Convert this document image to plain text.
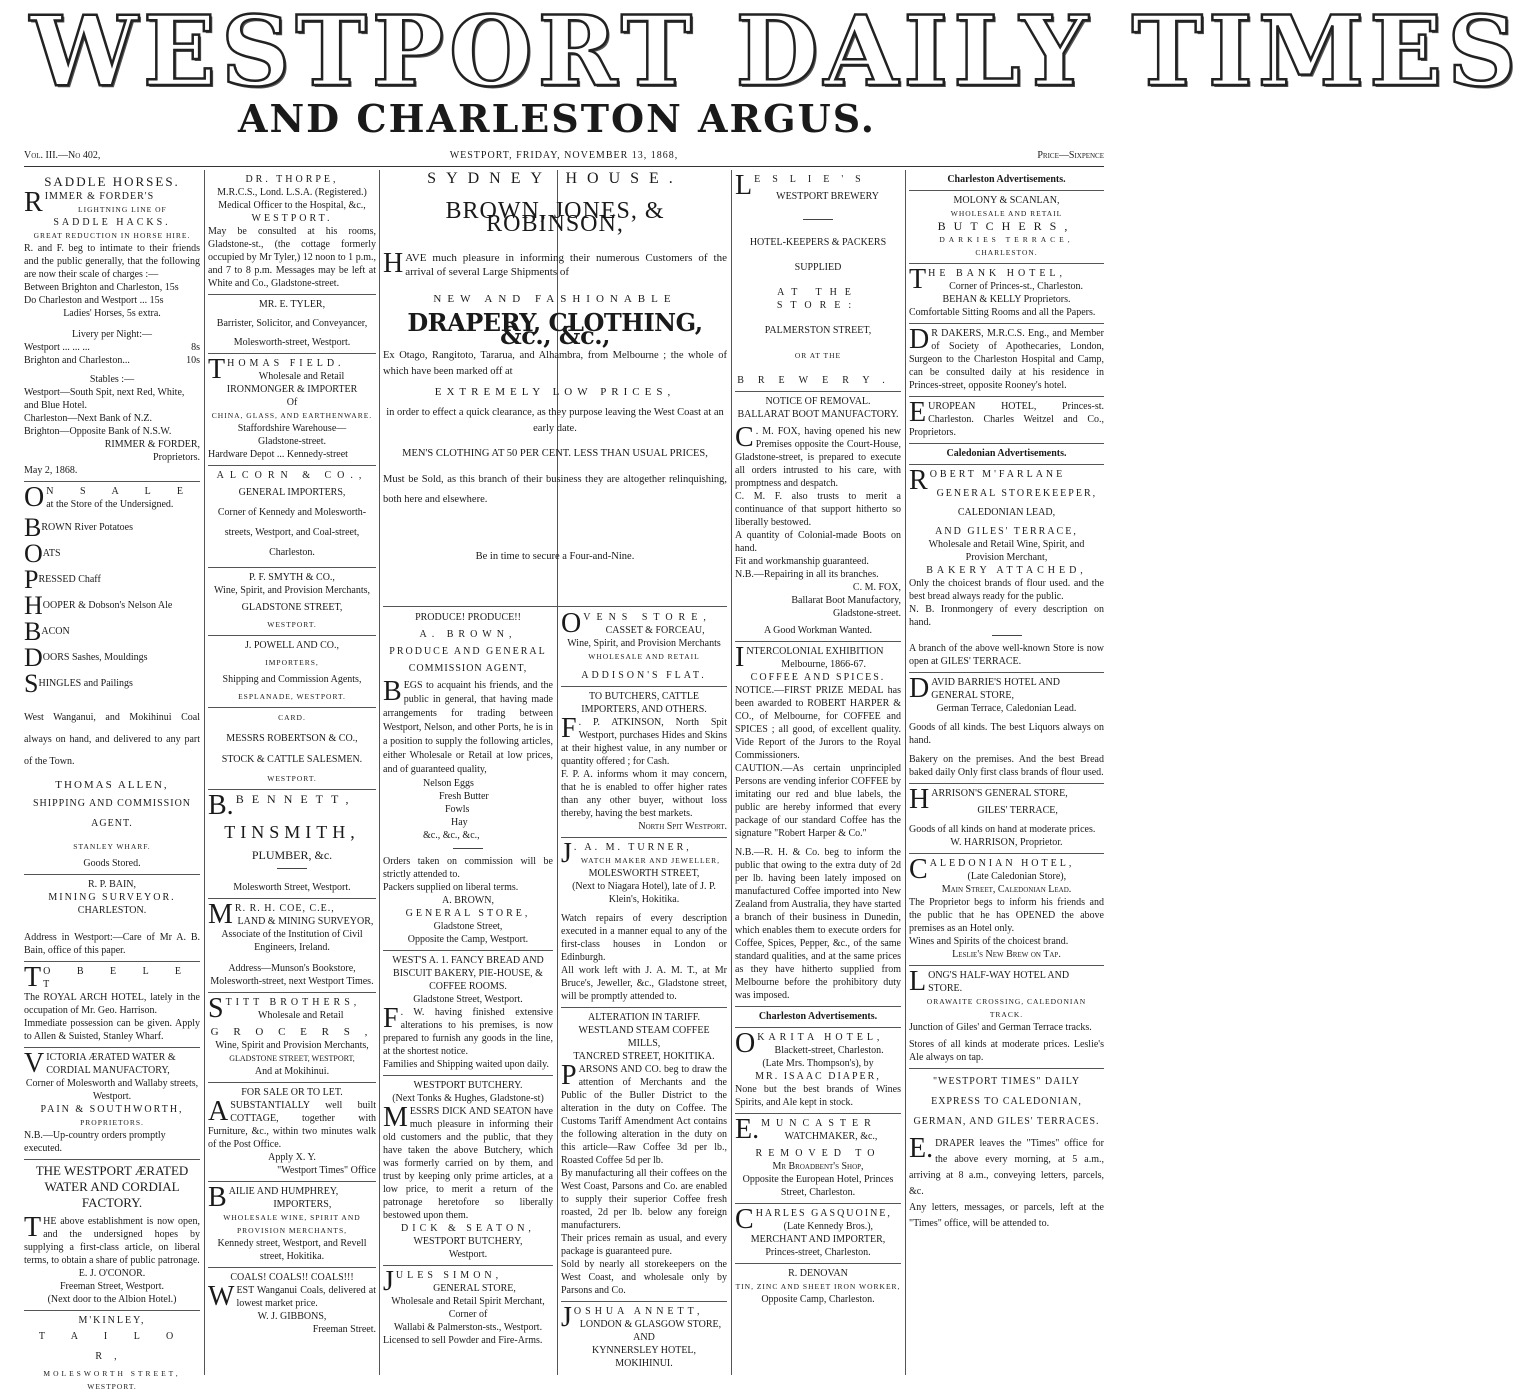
WESTPORT DAILY TIMES
AND CHARLESTON ARGUS.
WESTPORT, FRIDAY, NOVEMBER 13, 1868,
Vol. III.—No 402,	Price—Sixpence
SADDLE HORSES.
RIMMER & FORDER'S
LIGHTNING LINE OF
SADDLE HACKS.
GREAT REDUCTION IN HORSE HIRE.
R. and F. beg to intimate to their friends and the public generally, that the following are now their scale of charges :—
Between Brighton and Charleston, 15s
Do Charleston and Westport ... 15s
Ladies' Horses, 5s extra.
Livery per Night:—
Westport ... ... ...	8s
Brighton and Charleston...	10s
Stables :—
Westport—South Spit, next Red, White, and Blue Hotel.
Charleston—Next Bank of N.Z.
Brighton—Opposite Bank of N.S.W.
RIMMER & FORDER,
Proprietors.
May 2, 1868.
O N S A L E
at the Store of the Undersigned.
BROWN River Potatoes
OATS
PRESSED Chaff
HOOPER & Dobson's Nelson Ale
BACON
DOORS Sashes, Mouldings
SHINGLES and Pailings
West Wanganui, and Mokihinui Coal always on hand, and delivered to any part of the Town.
THOMAS ALLEN,
SHIPPING AND COMMISSION
AGENT.
STANLEY WHARF.
Goods Stored.
R. P. BAIN,
MINING SURVEYOR.
CHARLESTON.
Address in Westport:—Care of Mr A. B. Bain, office of this paper.
T O B E L E T
The ROYAL ARCH HOTEL, lately in the occupation of Mr. Geo. Harrison.
Immediate possession can be given. Apply to Allen & Suisted, Stanley Wharf.
VICTORIA ÆRATED WATER & CORDIAL MANUFACTORY,
Corner of Molesworth and Wallaby streets, Westport.
PAIN & SOUTHWORTH,
PROPRIETORS.
N.B.—Up-country orders promptly executed.
THE WESTPORT ÆRATED WATER AND CORDIAL FACTORY.
THE above establishment is now open, and the undersigned hopes by supplying a first-class article, on liberal terms, to obtain a share of public patronage.
E. J. O'CONOR.
Freeman Street, Westport.
(Next door to the Albion Hotel.)
M'KINLEY,
T A I L O R,
MOLESWORTH STREET,
WESTPORT.
DR. THORPE,
M.R.C.S., Lond. L.S.A. (Registered.)
Medical Officer to the Hospital, &c.,
WESTPORT.
May be consulted at his rooms, Gladstone-st., (the cottage formerly occupied by Mr Tyler,) 12 noon to 1 p.m., and 7 to 8 p.m. Messages may be left at White and Co., Gladstone-street.
MR. E. TYLER,
Barrister, Solicitor, and Conveyancer,
Molesworth-street, Westport.
THOMAS FIELD.
Wholesale and Retail
IRONMONGER & IMPORTER
Of
CHINA, GLASS, AND EARTHENWARE.
Staffordshire Warehouse—
Gladstone-street.
Hardware Depot ... Kennedy-street
ALCORN & CO.,
GENERAL IMPORTERS,
Corner of Kennedy and Molesworth-streets, Westport, and Coal-street, Charleston.
P. F. SMYTH & CO.,
Wine, Spirit, and Provision Merchants,
GLADSTONE STREET,
WESTPORT.
J. POWELL AND CO.,
IMPORTERS,
Shipping and Commission Agents,
ESPLANADE, WESTPORT.
CARD.
MESSRS ROBERTSON & CO.,
STOCK & CATTLE SALESMEN.
WESTPORT.
B. BENNETT,
TINSMITH,
PLUMBER, &c.
Molesworth Street, Westport.
M R. R. H. COE, C.E.,
LAND & MINING SURVEYOR,
Associate of the Institution of Civil Engineers, Ireland.
Address—Munson's Bookstore, Molesworth-street, next Westport Times.
STITT BROTHERS,
Wholesale and Retail
G R O C E R S ,
Wine, Spirit and Provision Merchants,
GLADSTONE STREET, WESTPORT,
And at Mokihinui.
FOR SALE OR TO LET.
ASUBSTANTIALLY well built COTTAGE, together with Furniture, &c., within two minutes walk of the Post Office.
Apply X. Y.
"Westport Times" Office
BAILIE AND HUMPHREY,
IMPORTERS,
WHOLESALE WINE, SPIRIT AND PROVISION MERCHANTS,
Kennedy street, Westport, and Revell street, Hokitika.
COALS! COALS!! COALS!!!
WEST Wanganui Coals, delivered at lowest market price.
W. J. GIBBONS,
Freeman Street.
SYDNEY HOUSE.
BROWN, JONES, & ROBINSON,
HAVE much pleasure in informing their numerous Customers of the arrival of several Large Shipments of
NEW AND FASHIONABLE
DRAPERY, CLOTHING, &c., &c.,
Ex Otago, Rangitoto, Tararua, and Alhambra, from Melbourne ; the whole of which have been marked off at
EXTREMELY LOW PRICES,
in order to effect a quick clearance, as they purpose leaving the West Coast at an early date.
MEN'S CLOTHING AT 50 PER CENT. LESS THAN USUAL PRICES,
Must be Sold, as this branch of their business they are altogether relinquishing, both here and elsewhere.
Be in time to secure a Four-and-Nine.
PRODUCE! PRODUCE!!
A. BROWN,
PRODUCE AND GENERAL
COMMISSION AGENT,
BEGS to acquaint his friends, and the public in general, that having made arrangements for trading between Westport, Nelson, and other Ports, he is in a position to supply the following articles, either Wholesale or Retail at low prices, and of guaranteed quality,
Nelson Eggs
Fresh Butter
Fowls
Hay
&c., &c., &c.,
Orders taken on commission will be strictly attended to.
Packers supplied on liberal terms.
A. BROWN,
GENERAL STORE,
Gladstone Street,
Opposite the Camp, Westport.
WEST'S A. 1. FANCY BREAD AND BISCUIT BAKERY, PIE-HOUSE, & COFFEE ROOMS.
Gladstone Street, Westport.
F . W. having finished extensive alterations to his premises, is now prepared to furnish any goods in the line, at the shortest notice.
Families and Shipping waited upon daily.
WESTPORT BUTCHERY.
(Next Tonks & Hughes, Gladstone-st)
MESSRS DICK AND SEATON have much pleasure in informing their old customers and the public, that they have taken the above Butchery, which was formerly carried on by them, and trust by keeping only prime articles, at a low price, to merit a return of the patronage heretofore so liberally bestowed upon them.
DICK & SEATON,
WESTPORT BUTCHERY,
Westport.
JULES SIMON,
GENERAL STORE,
Wholesale and Retail Spirit Merchant,
Corner of
Wallabi & Palmerston-sts., Westport.
Licensed to sell Powder and Fire-Arms.
OVENS STORE,
CASSET & FORCEAU,
Wine, Spirit, and Provision Merchants
WHOLESALE AND RETAIL
ADDISON'S FLAT.
TO BUTCHERS, CATTLE IMPORTERS, AND OTHERS.
F . P. ATKINSON, North Spit Westport, purchases Hides and Skins at their highest value, in any number or quantity offered ; for Cash.
F. P. A. informs whom it may concern, that he is enabled to offer higher rates than any other buyer, without loss thereby, having the best markets.
North Spit Westport.
J . A. M. TURNER,
WATCH MAKER AND JEWELLER,
MOLESWORTH STREET,
(Next to Niagara Hotel), late of J. P. Klein's, Hokitika.
Watch repairs of every description executed in a manner equal to any of the first-class houses in London or Edinburgh.
All work left with J. A. M. T., at Mr Bruce's, Jeweller, &c., Gladstone street, will be promptly attended to.
ALTERATION IN TARIFF.
WESTLAND STEAM COFFEE MILLS,
TANCRED STREET, HOKITIKA.
PARSONS AND CO. beg to draw the attention of Merchants and the Public of the Buller District to the alteration in the duty on Coffee. The Customs Tariff Amendment Act contains the following alteration in the duty on this article—Raw Coffee 3d per lb., Roasted Coffee 5d per lb.
By manufacturing all their coffees on the West Coast, Parsons and Co. are enabled to supply their superior Coffee fresh roasted, 2d per lb. below any foreign manufacturers.
Their prices remain as usual, and every package is guaranteed pure.
Sold by nearly all storekeepers on the West Coast, and wholesale only by Parsons and Co.
JOSHUA ANNETT,
LONDON & GLASGOW STORE,
AND
KYNNERSLEY HOTEL,
MOKIHINUI.
LESLIE'S
WESTPORT BREWERY
HOTEL-KEEPERS & PACKERS
SUPPLIED
AT THE STORE:
PALMERSTON STREET,
OR AT THE
BREWERY.
NOTICE OF REMOVAL.
BALLARAT BOOT MANUFACTORY.
C . M. FOX, having opened his new Premises opposite the Court-House, Gladstone-street, is prepared to execute all orders intrusted to his care, with promptness and despatch.
C. M. F. also trusts to merit a continuance of that support hitherto so liberally bestowed.
A quantity of Colonial-made Boots on hand.
Fit and workmanship guaranteed.
N.B.—Repairing in all its branches.
C. M. FOX,
Ballarat Boot Manufactory,
Gladstone-street.
A Good Workman Wanted.
INTERCOLONIAL EXHIBITION
Melbourne, 1866-67.
COFFEE AND SPICES.
NOTICE.—FIRST PRIZE MEDAL has been awarded to ROBERT HARPER & CO., of Melbourne, for COFFEE and SPICES ; all good, of excellent quality. Vide Report of the Jurors to the Royal Commissioners.
CAUTION.—As certain unprincipled Persons are vending inferior COFFEE by imitating our red and blue labels, the public are hereby informed that every package of our standard Coffee has the signature "Robert Harper & Co."
N.B.—R. H. & Co. beg to inform the public that owing to the extra duty of 2d per lb. having been lately imposed on manufactured Coffee imported into New Zealand from Australia, they have started a branch of their business in Dunedin, which enables them to execute orders for Coffee, Spices, Pepper, &c., of the same standard qualities, and at the same prices as they have hitherto supplied from Melbourne before the prohibitory duty was imposed.
Charleston Advertisements.
OKARITA HOTEL,
Blackett-street, Charleston.
(Late Mrs. Thompson's), by
MR. ISAAC DIAPER,
None but the best brands of Wines Spirits, and Ale kept in stock.
E. MUNCASTER
WATCHMAKER, &c.,
REMOVED TO
Mr Broadbent's Shop,
Opposite the European Hotel, Princes Street, Charleston.
CHARLES GASQUOINE,
(Late Kennedy Bros.),
MERCHANT AND IMPORTER,
Princes-street, Charleston.
R. DENOVAN
TIN, ZINC AND SHEET IRON WORKER,
Opposite Camp, Charleston.
Charleston Advertisements.
MOLONY & SCANLAN,
WHOLESALE AND RETAIL
BUTCHERS,
DARKIES TERRACE,
CHARLESTON.
THE BANK HOTEL,
Corner of Princes-st., Charleston.
BEHAN & KELLY Proprietors.
Comfortable Sitting Rooms and all the Papers.
D R DAKERS, M.R.C.S. Eng., and Member of Society of Apothecaries, London, Surgeon to the Charleston Hospital and Camp, can be consulted daily at his residence in Princes-street, opposite Rooney's hotel.
EUROPEAN HOTEL, Princes-st. Charleston. Charles Weitzel and Co., Proprietors.
Caledonian Advertisements.
ROBERT M'FARLANE
GENERAL STOREKEEPER,
CALEDONIAN LEAD,
AND GILES' TERRACE,
Wholesale and Retail Wine, Spirit, and Provision Merchant,
BAKERY ATTACHED,
Only the choicest brands of flour used. and the best bread always ready for the public.
N. B. Ironmongery of every description on hand.
A branch of the above well-known Store is now open at GILES' TERRACE.
DAVID BARRIE'S HOTEL AND GENERAL STORE,
German Terrace, Caledonian Lead.
Goods of all kinds. The best Liquors always on hand.
Bakery on the premises. And the best Bread baked daily Only first class brands of flour used.
HARRISON'S GENERAL STORE,
GILES' TERRACE,
Goods of all kinds on hand at moderate prices.
W. HARRISON, Proprietor.
CALEDONIAN HOTEL,
(Late Caledonian Store),
Main Street, Caledonian Lead.
The Proprietor begs to inform his friends and the public that he has OPENED the above premises as an Hotel only.
Wines and Spirits of the choicest brand.
Leslie's New Brew on Tap.
LONG'S HALF-WAY HOTEL AND STORE.
ORAWAITE CROSSING, CALEDONIAN TRACK.
Junction of Giles' and German Terrace tracks.
Stores of all kinds at moderate prices. Leslie's Ale always on tap.
"WESTPORT TIMES" DAILY EXPRESS TO CALEDONIAN, GERMAN, AND GILES' TERRACES.
E. DRAPER leaves the "Times" office for the above every morning, at 5 a.m., arriving at 8 a.m., conveying letters, parcels, &c.
Any letters, messages, or parcels, left at the "Times" office, will be attended to.
